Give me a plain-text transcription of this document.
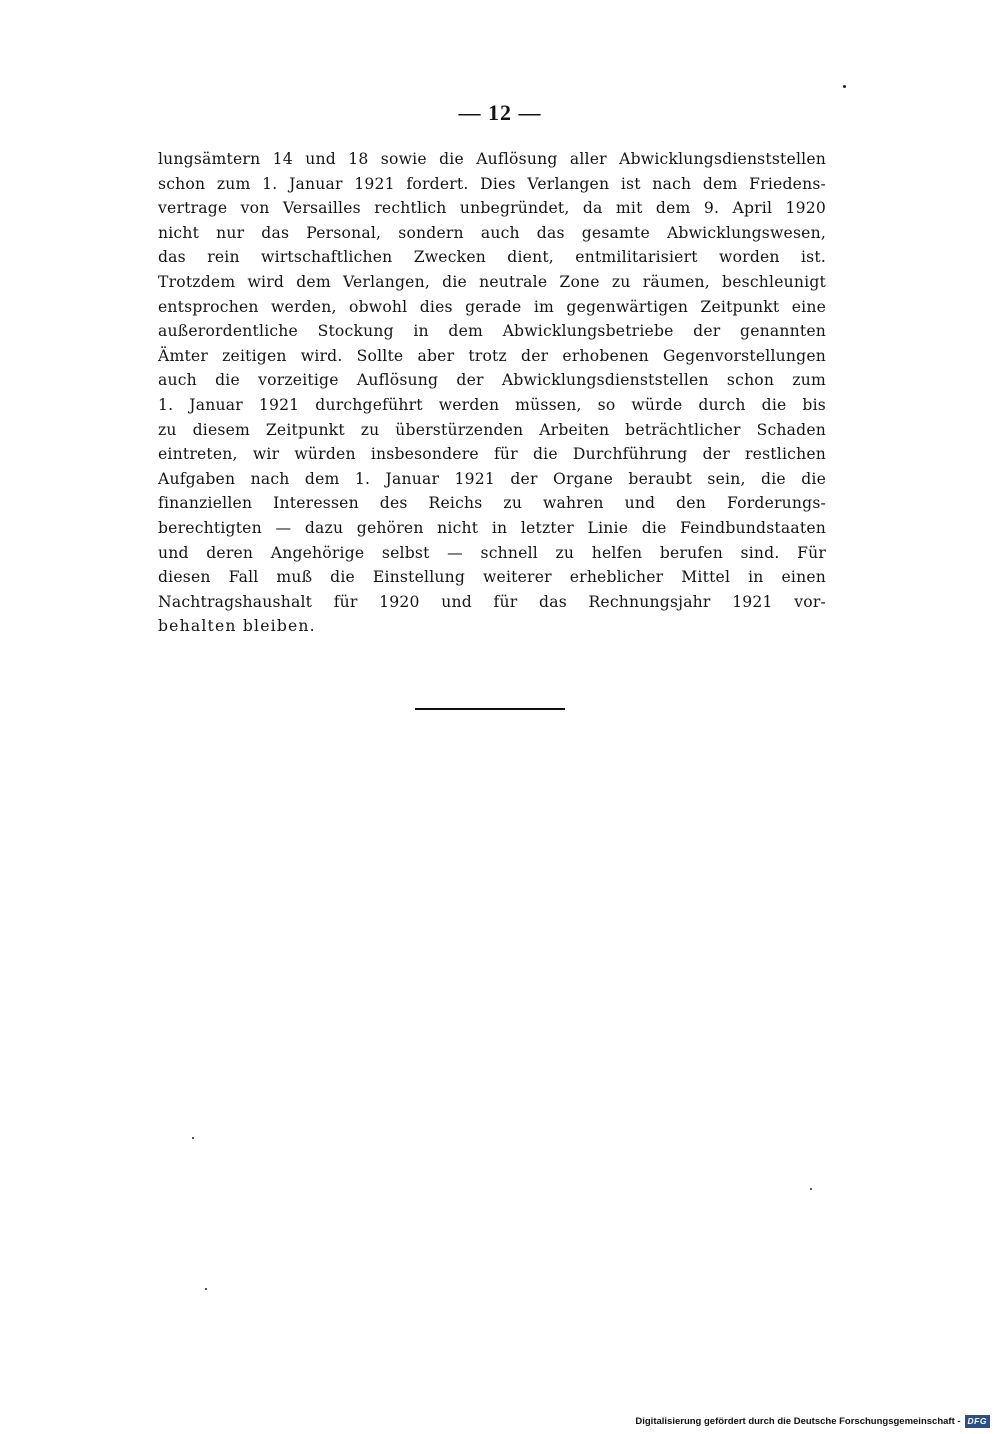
— 12 —
lungsämtern 14 und 18 sowie die Auflösung aller Abwicklungsdienststellen
schon zum 1. Januar 1921 fordert. Dies Verlangen ist nach dem Friedens-
vertrage von Versailles rechtlich unbegründet, da mit dem 9. April 1920
nicht nur das Personal, sondern auch das gesamte Abwicklungswesen,
das rein wirtschaftlichen Zwecken dient, entmilitarisiert worden ist.
Trotzdem wird dem Verlangen, die neutrale Zone zu räumen, beschleunigt
entsprochen werden, obwohl dies gerade im gegenwärtigen Zeitpunkt eine
außerordentliche Stockung in dem Abwicklungsbetriebe der genannten
Ämter zeitigen wird. Sollte aber trotz der erhobenen Gegenvorstellungen
auch die vorzeitige Auflösung der Abwicklungsdienststellen schon zum
1. Januar 1921 durchgeführt werden müssen, so würde durch die bis
zu diesem Zeitpunkt zu überstürzenden Arbeiten beträchtlicher Schaden
eintreten, wir würden insbesondere für die Durchführung der restlichen
Aufgaben nach dem 1. Januar 1921 der Organe beraubt sein, die die
finanziellen Interessen des Reichs zu wahren und den Forderungs-
berechtigten — dazu gehören nicht in letzter Linie die Feindbundstaaten
und deren Angehörige selbst — schnell zu helfen berufen sind. Für
diesen Fall muß die Einstellung weiterer erheblicher Mittel in einen
Nachtragshaushalt für 1920 und für das Rechnungsjahr 1921 vor-
behalten bleiben.
Digitalisierung gefördert durch die Deutsche Forschungsgemeinschaft - DFG
